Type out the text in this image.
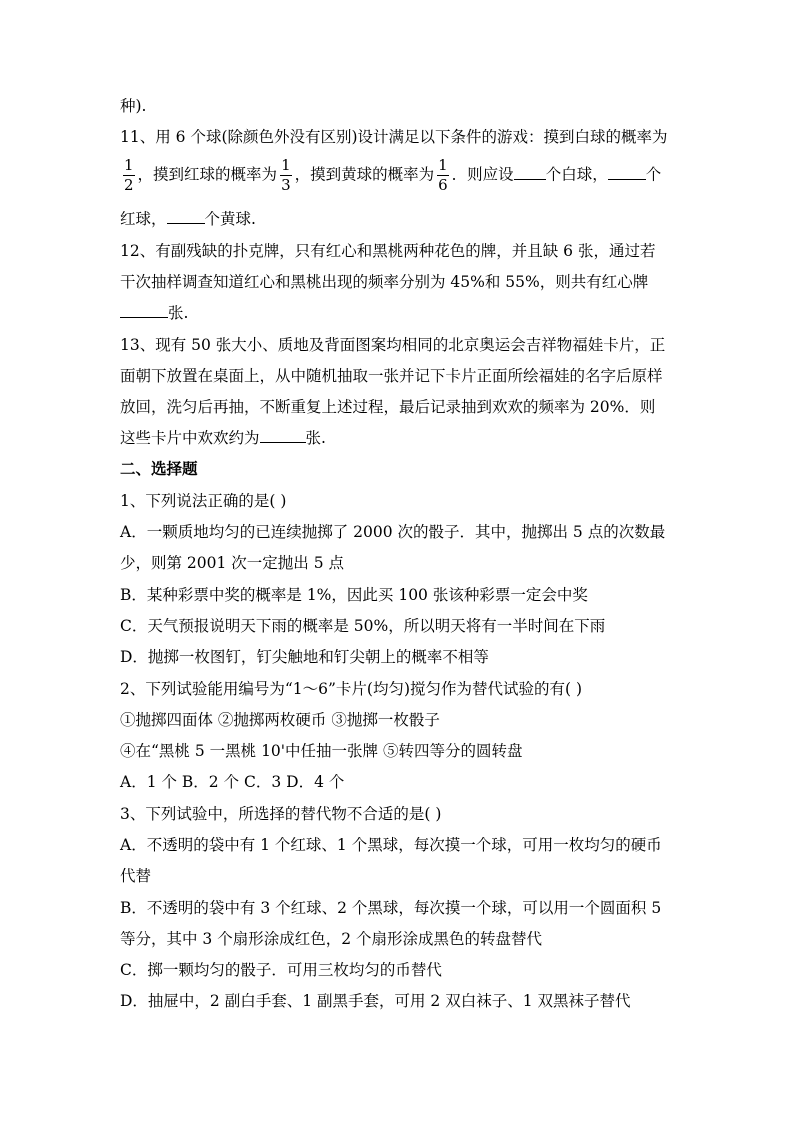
种).
11、用 6 个球(除颜色外没有区别)设计满足以下条件的游戏：摸到白球的概率为
$\frac{1}{2}$ ，摸到红球的概率为 $\frac{1}{3}$ ，摸到黄球的概率为 $\frac{1}{6}$ ．则应设 个白球， 个
红球， 个黄球.
12、有副残缺的扑克牌，只有红心和黑桃两种花色的牌，并且缺 6 张，通过若
干次抽样调查知道红心和黑桃出现的频率分别为 45%和 55%，则共有红心牌
张.
13、现有 50 张大小、质地及背面图案均相同的北京奥运会吉祥物福娃卡片，正
面朝下放置在桌面上，从中随机抽取一张并记下卡片正面所绘福娃的名字后原样
放回，洗匀后再抽，不断重复上述过程，最后记录抽到欢欢的频率为 20%．则
这些卡片中欢欢约为	张.
二、选择题
1、下列说法正确的是( )
A．一颗质地均匀的已连续抛掷了 2000 次的骰子．其中，抛掷出 5 点的次数最
少，则第 2001 次一定抛出 5 点
B．某种彩票中奖的概率是 1%，因此买 100 张该种彩票一定会中奖
C．天气预报说明天下雨的概率是 50%，所以明天将有一半时间在下雨
D．抛掷一枚图钉，钉尖触地和钉尖朝上的概率不相等
2、下列试验能用编号为“1～6”卡片(均匀)搅匀作为替代试验的有( )
①抛掷四面体 ②抛掷两枚硬币 ③抛掷一枚骰子
④在“黑桃 5 一黑桃 10'中任抽一张牌 ⑤转四等分的圆转盘
A．1 个 B．2 个 C．3 D．4 个
3、下列试验中，所选择的替代物不合适的是( )
A．不透明的袋中有 1 个红球、1 个黑球，每次摸一个球，可用一枚均匀的硬币
代替
B．不透明的袋中有 3 个红球、2 个黑球，每次摸一个球，可以用一个圆面积 5
等分，其中 3 个扇形涂成红色，2 个扇形涂成黑色的转盘替代
C．掷一颗均匀的骰子．可用三枚均匀的币替代
D．抽屉中，2 副白手套、1 副黑手套，可用 2 双白袜子、1 双黑袜子替代
